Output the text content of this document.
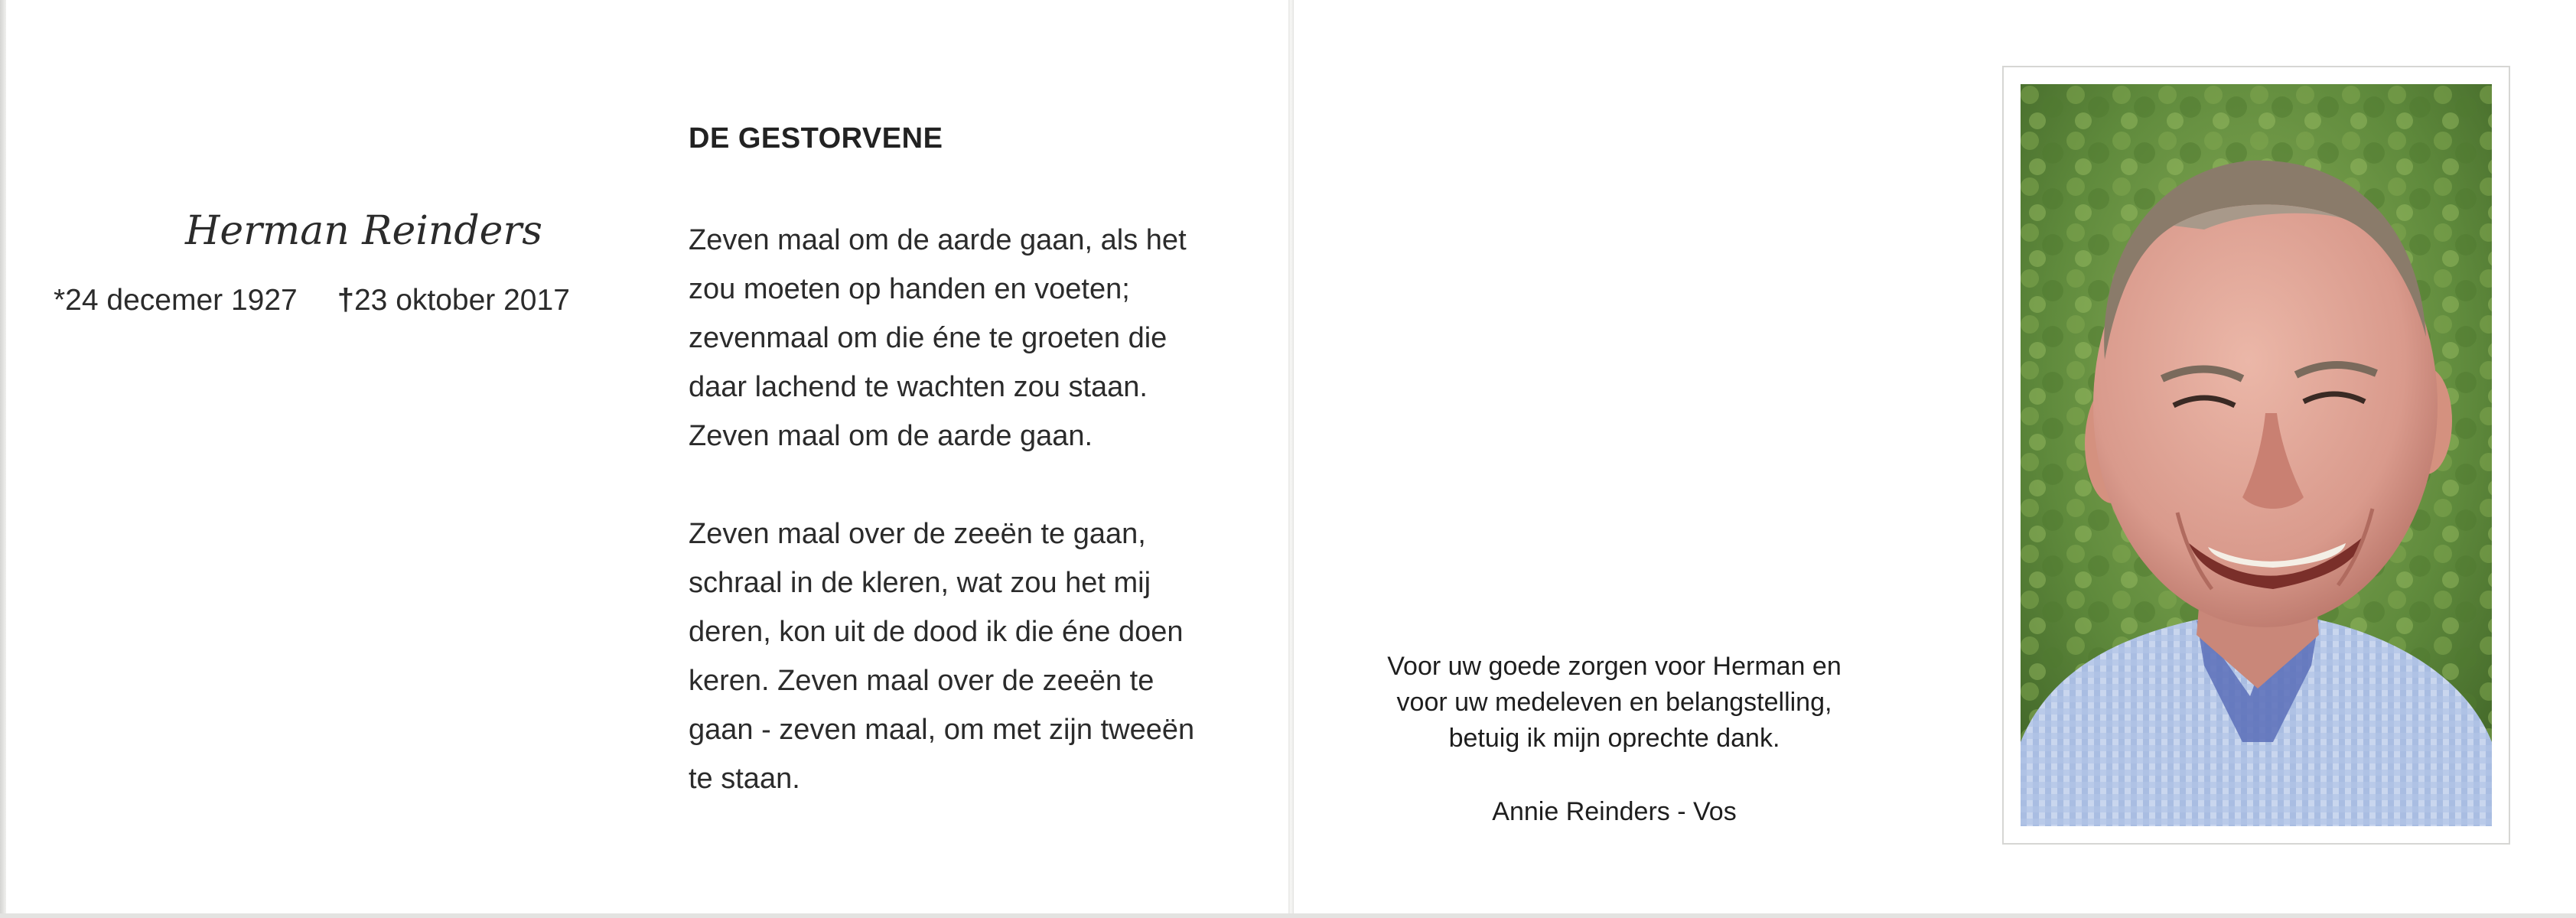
Herman Reinders
*24 decemer 1927 †23 oktober 2017
DE GESTORVENE
Zeven maal om de aarde gaan, als het
zou moeten op handen en voeten;
zevenmaal om die éne te groeten die
daar lachend te wachten zou staan.
Zeven maal om de aarde gaan.
Zeven maal over de zeeën te gaan,
schraal in de kleren, wat zou het mij
deren, kon uit de dood ik die éne doen
keren. Zeven maal over de zeeën te
gaan - zeven maal, om met zijn tweeën
te staan.
Voor uw goede zorgen voor Herman en
voor uw medeleven en belangstelling,
betuig ik mijn oprechte dank.
Annie Reinders - Vos
